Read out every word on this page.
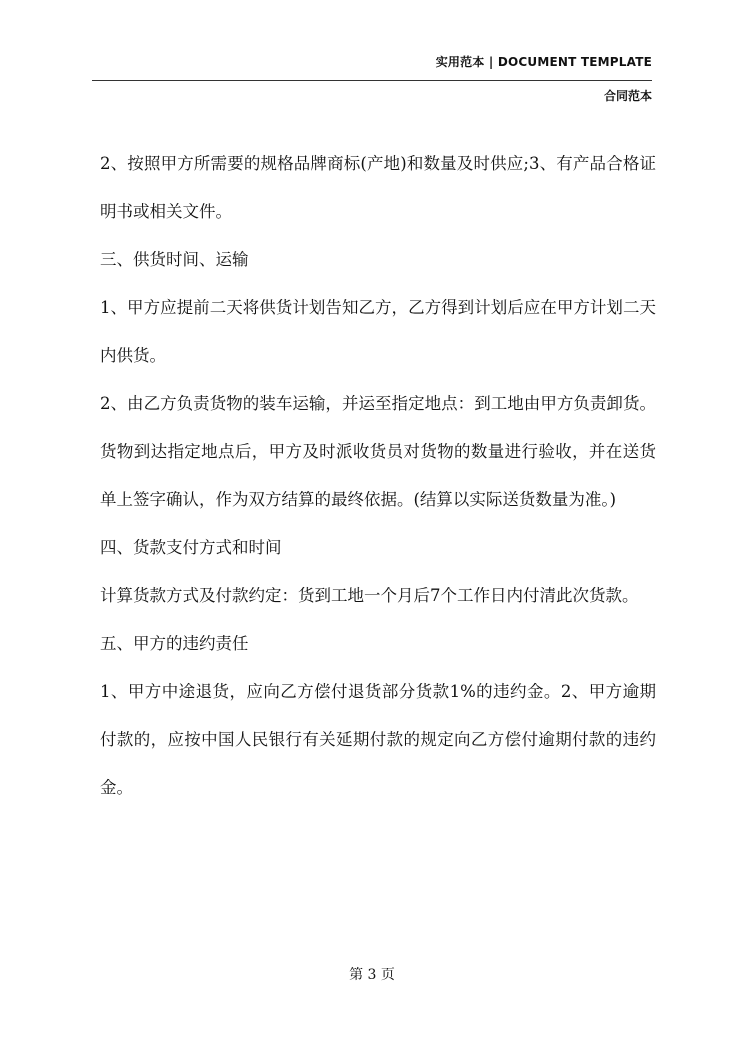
实用范本 | DOCUMENT TEMPLATE
合同范本

2、按照甲方所需要的规格品牌商标(产地)和数量及时供应;3、有产品合格证明书或相关文件。

三、供货时间、运输

1、甲方应提前二天将供货计划告知乙方，乙方得到计划后应在甲方计划二天内供货。

2、由乙方负责货物的装车运输，并运至指定地点：到工地由甲方负责卸货。货物到达指定地点后，甲方及时派收货员对货物的数量进行验收，并在送货单上签字确认，作为双方结算的最终依据。(结算以实际送货数量为准。)

四、货款支付方式和时间

计算货款方式及付款约定：货到工地一个月后7个工作日内付清此次货款。

五、甲方的违约责任

1、甲方中途退货，应向乙方偿付退货部分货款1%的违约金。2、甲方逾期付款的，应按中国人民银行有关延期付款的规定向乙方偿付逾期付款的违约金。

第 3 页
